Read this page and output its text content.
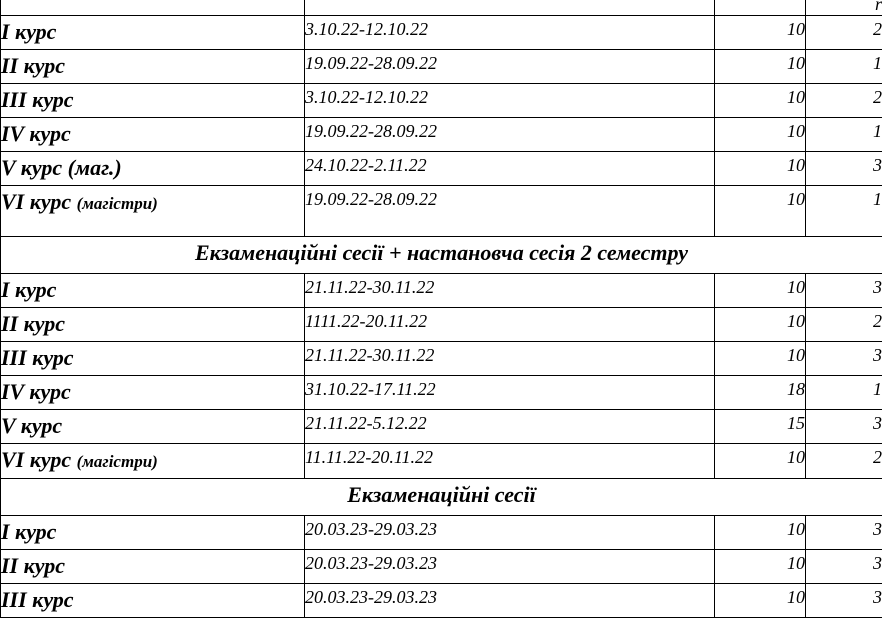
			r
I курс	3.10.22-12.10.22	10	2
II курс	19.09.22-28.09.22	10	1
III курс	3.10.22-12.10.22	10	2
IV курс	19.09.22-28.09.22	10	1
V курс (маг.)	24.10.22-2.11.22	10	3
VI курс (магістри)	19.09.22-28.09.22	10	1
Екзаменаційні сесії + настановча сесія 2 семестру			
I курс	21.11.22-30.11.22	10	3
II курс	1111.22-20.11.22	10	2
III курс	21.11.22-30.11.22	10	3
IV курс	31.10.22-17.11.22	18	1
V курс	21.11.22-5.12.22	15	3
VI курс (магістри)	11.11.22-20.11.22	10	2
Екзаменаційні сесії			
I курс	20.03.23-29.03.23	10	3
II курс	20.03.23-29.03.23	10	3
III курс	20.03.23-29.03.23	10	3
